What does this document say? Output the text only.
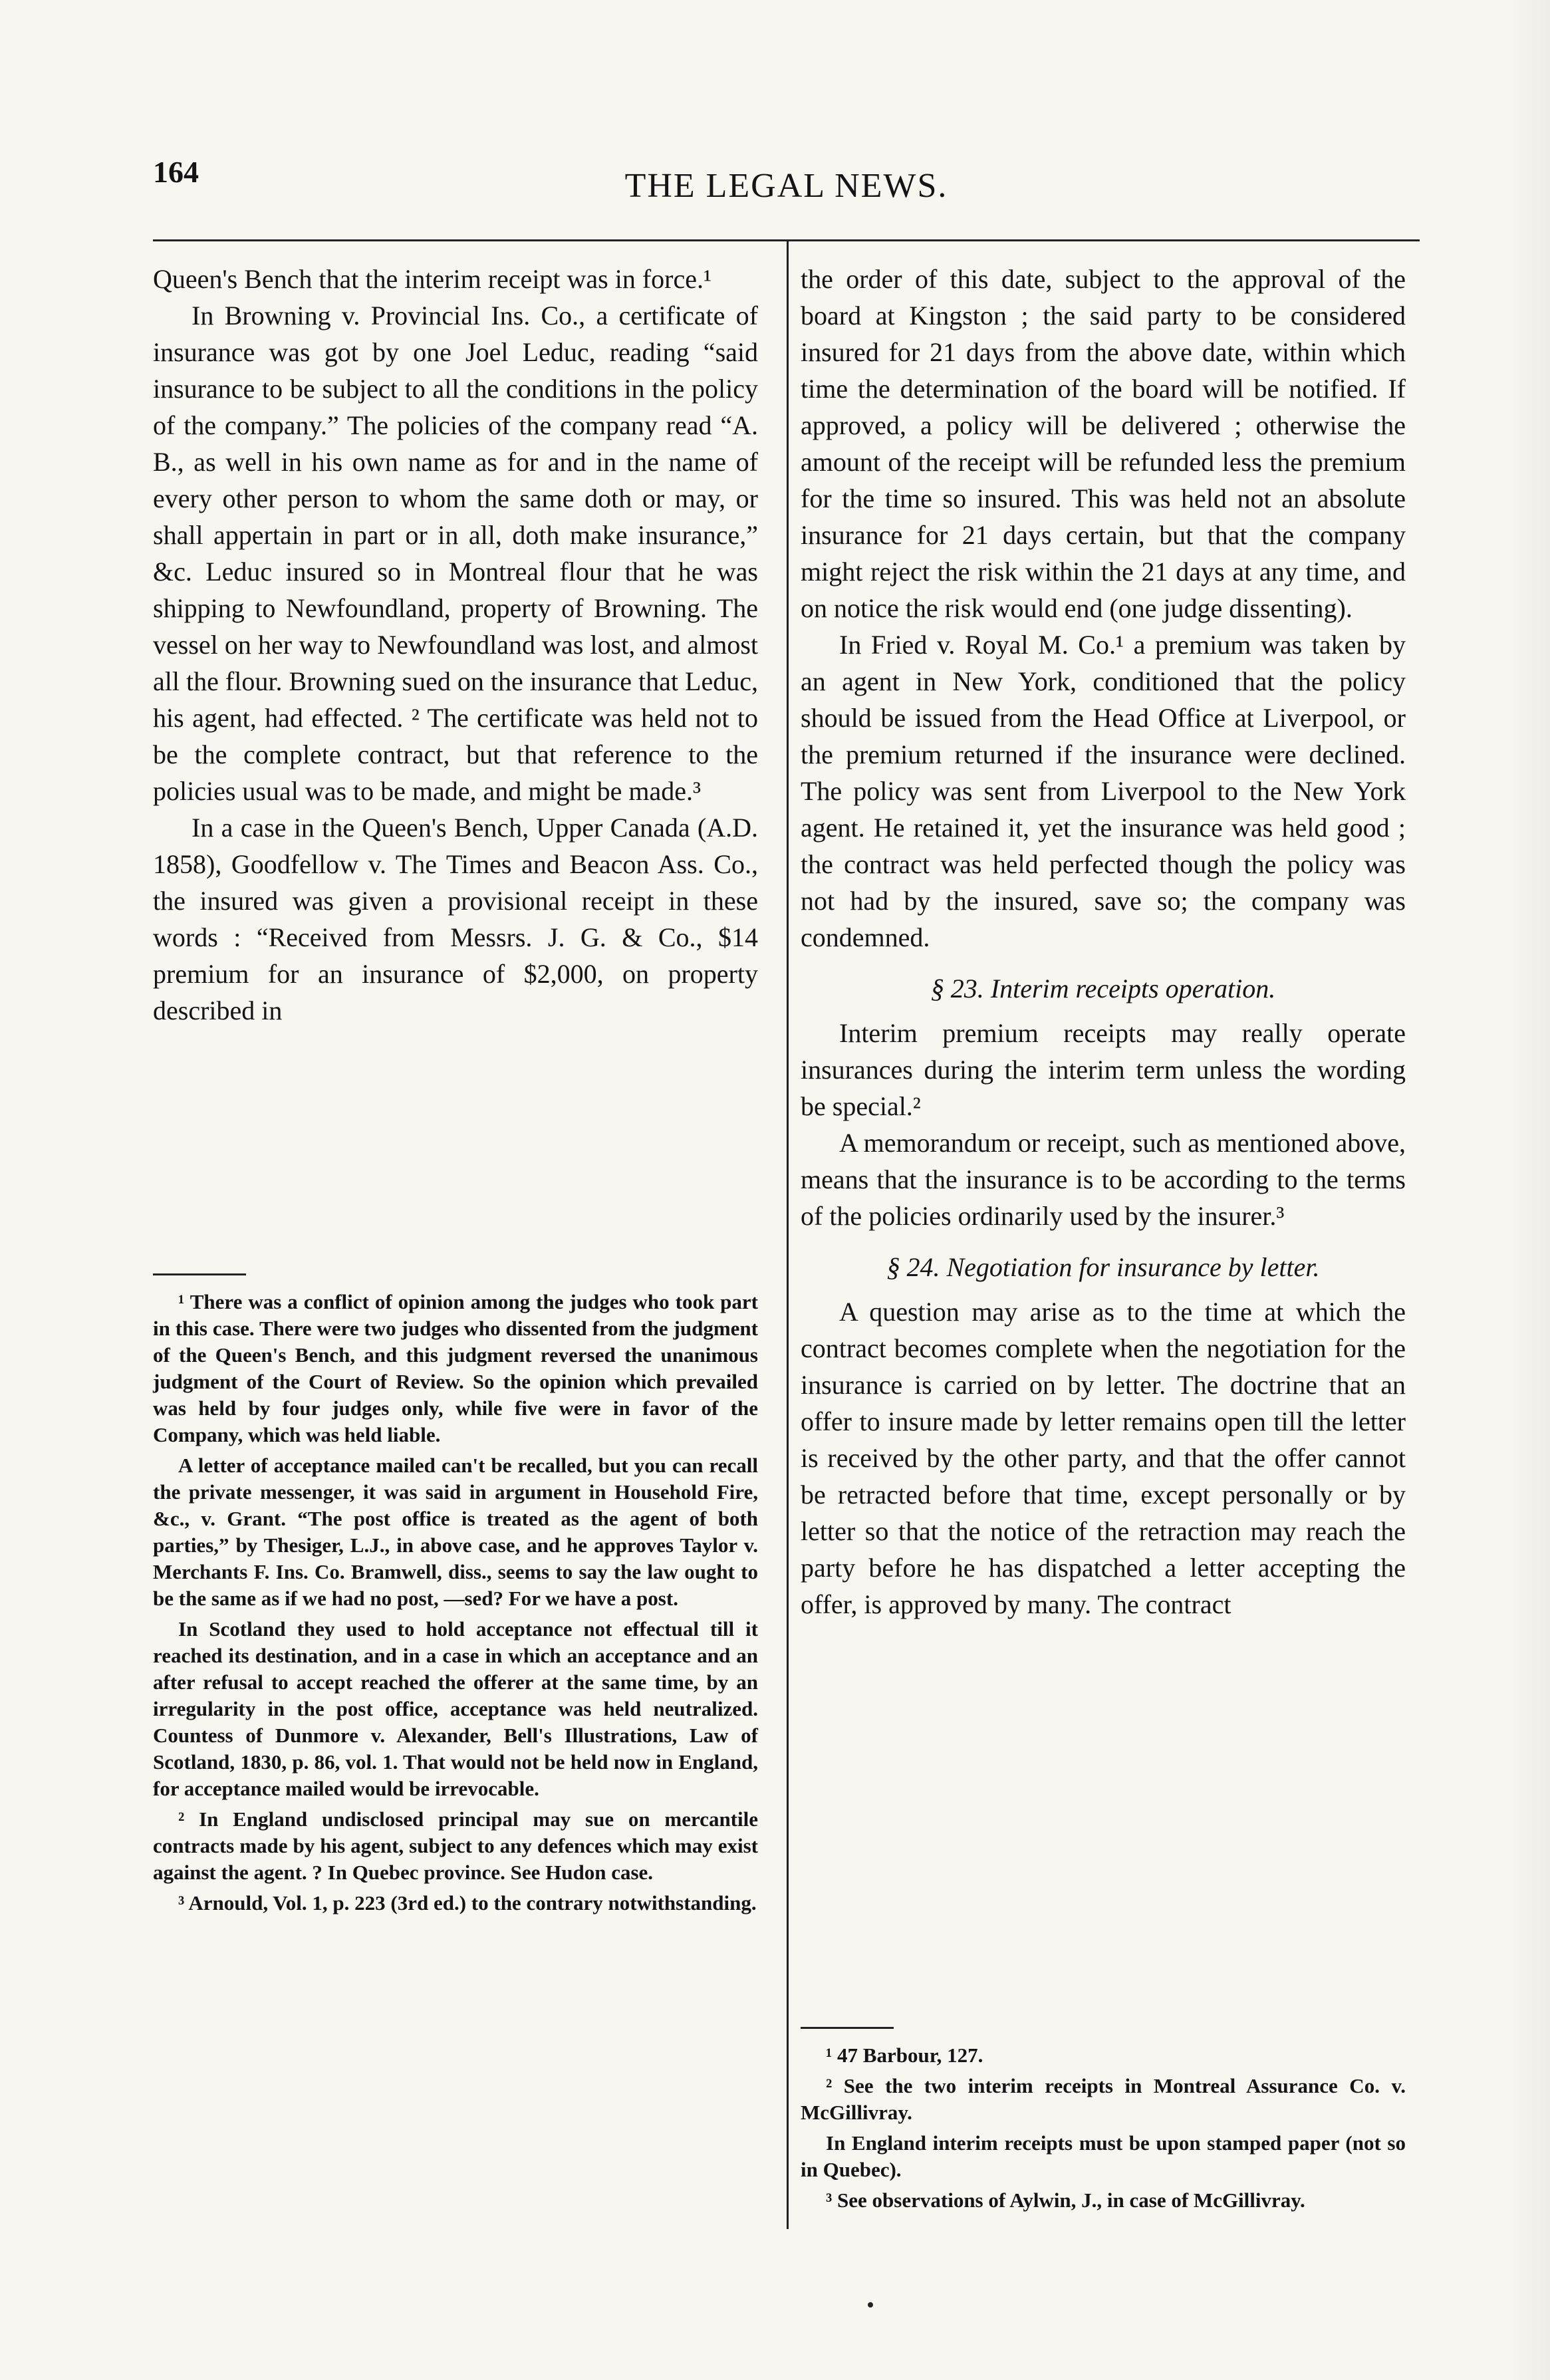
164	THE LEGAL NEWS.

Queen's Bench that the interim receipt was in force.¹

In Browning v. Provincial Ins. Co., a certificate of insurance was got by one Joel Leduc, reading “said insurance to be subject to all the conditions in the policy of the company.” The policies of the company read “A. B., as well in his own name as for and in the name of every other person to whom the same doth or may, or shall appertain in part or in all, doth make insurance,” &c. Leduc insured so in Montreal flour that he was shipping to Newfoundland, property of Browning. The vessel on her way to Newfoundland was lost, and almost all the flour. Browning sued on the insurance that Leduc, his agent, had effected. ² The certificate was held not to be the complete contract, but that reference to the policies usual was to be made, and might be made.³

In a case in the Queen's Bench, Upper Canada (A.D. 1858), Goodfellow v. The Times and Beacon Ass. Co., the insured was given a provisional receipt in these words : “Received from Messrs. J. G. & Co., $14 premium for an insurance of $2,000, on property described in

¹ There was a conflict of opinion among the judges who took part in this case. There were two judges who dissented from the judgment of the Queen's Bench, and this judgment reversed the unanimous judgment of the Court of Review. So the opinion which prevailed was held by four judges only, while five were in favor of the Company, which was held liable.

A letter of acceptance mailed can't be recalled, but you can recall the private messenger, it was said in argument in Household Fire, &c., v. Grant. “The post office is treated as the agent of both parties,” by Thesiger, L.J., in above case, and he approves Taylor v. Merchants F. Ins. Co. Bramwell, diss., seems to say the law ought to be the same as if we had no post, —sed? For we have a post.

In Scotland they used to hold acceptance not effectual till it reached its destination, and in a case in which an acceptance and an after refusal to accept reached the offerer at the same time, by an irregularity in the post office, acceptance was held neutralized. Countess of Dunmore v. Alexander, Bell's Illustrations, Law of Scotland, 1830, p. 86, vol. 1. That would not be held now in England, for acceptance mailed would be irrevocable.

² In England undisclosed principal may sue on mercantile contracts made by his agent, subject to any defences which may exist against the agent. ? In Quebec province. See Hudon case.

³ Arnould, Vol. 1, p. 223 (3rd ed.) to the contrary notwithstanding.

the order of this date, subject to the approval of the board at Kingston ; the said party to be considered insured for 21 days from the above date, within which time the determination of the board will be notified. If approved, a policy will be delivered ; otherwise the amount of the receipt will be refunded less the premium for the time so insured. This was held not an absolute insurance for 21 days certain, but that the company might reject the risk within the 21 days at any time, and on notice the risk would end (one judge dissenting).

In Fried v. Royal M. Co.¹ a premium was taken by an agent in New York, conditioned that the policy should be issued from the Head Office at Liverpool, or the premium returned if the insurance were declined. The policy was sent from Liverpool to the New York agent. He retained it, yet the insurance was held good ; the contract was held perfected though the policy was not had by the insured, save so; the company was condemned.

§ 23. Interim receipts operation.

Interim premium receipts may really operate insurances during the interim term unless the wording be special.²

A memorandum or receipt, such as mentioned above, means that the insurance is to be according to the terms of the policies ordinarily used by the insurer.³

§ 24. Negotiation for insurance by letter.

A question may arise as to the time at which the contract becomes complete when the negotiation for the insurance is carried on by letter. The doctrine that an offer to insure made by letter remains open till the letter is received by the other party, and that the offer cannot be retracted before that time, except personally or by letter so that the notice of the retraction may reach the party before he has dispatched a letter accepting the offer, is approved by many. The contract

¹ 47 Barbour, 127.

² See the two interim receipts in Montreal Assurance Co. v. McGillivray.

In England interim receipts must be upon stamped paper (not so in Quebec).

³ See observations of Aylwin, J., in case of McGillivray.
